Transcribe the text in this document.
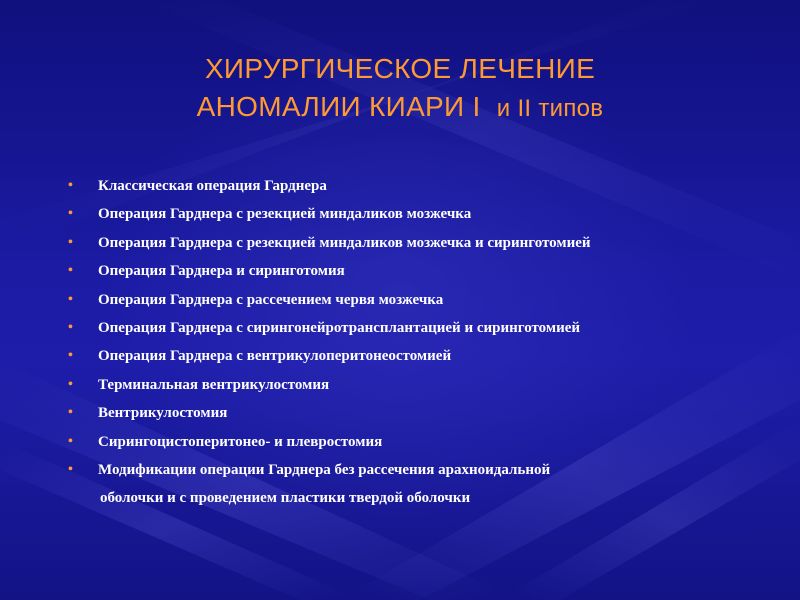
ХИРУРГИЧЕСКОЕ ЛЕЧЕНИЕ
АНОМАЛИИ КИАРИ I и II типов
• Классическая операция Гарднера
• Операция Гарднера с резекцией миндаликов мозжечка
• Операция Гарднера с резекцией миндаликов мозжечка и сиринготомией
• Операция Гарднера и сиринготомия
• Операция Гарднера с рассечением червя мозжечка
• Операция Гарднера с сирингонейротрансплантацией и сиринготомией
• Операция Гарднера с вентрикулоперитонеостомией
• Терминальная вентрикулостомия
• Вентрикулостомия
• Сирингоцистоперитонео- и плевростомия
• Модификации операции Гарднера без рассечения арахноидальной
оболочки и с проведением пластики твердой оболочки
